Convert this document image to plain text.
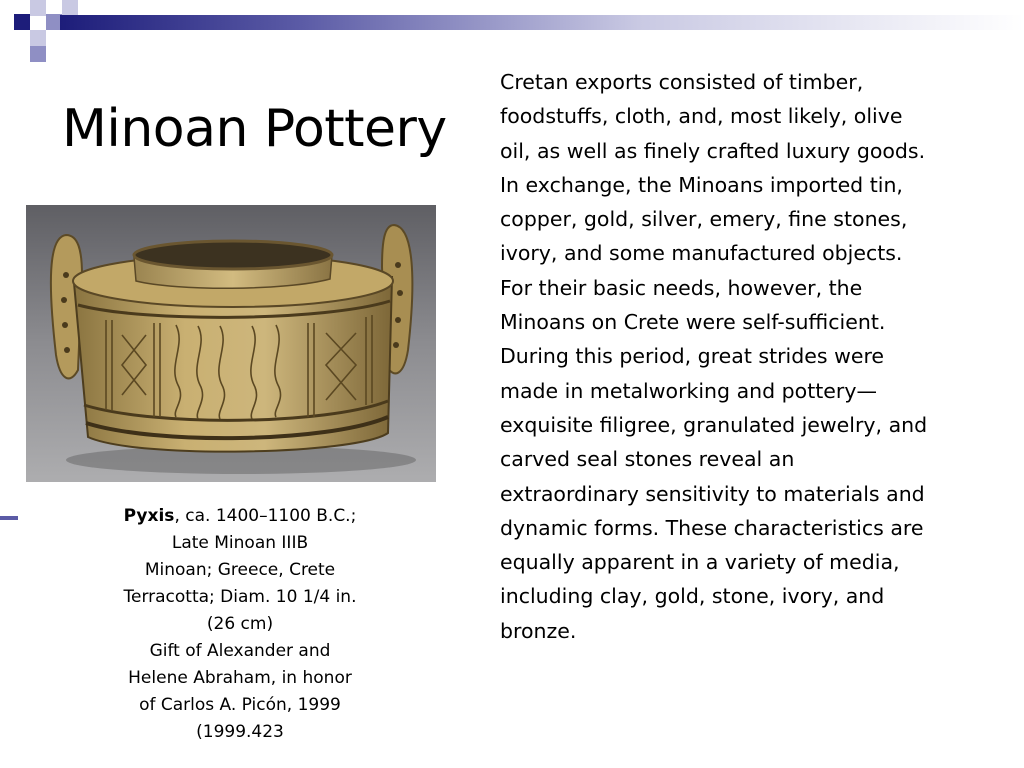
Minoan Pottery
Pyxis, ca. 1400–1100 B.C.;
Late Minoan IIIB
Minoan; Greece, Crete
Terracotta; Diam. 10 1/4 in.
(26 cm)
Gift of Alexander and
Helene Abraham, in honor
of Carlos A. Picón, 1999
(1999.423
Cretan exports consisted of timber,
foodstuffs, cloth, and, most likely, olive
oil, as well as finely crafted luxury goods.
In exchange, the Minoans imported tin,
copper, gold, silver, emery, fine stones,
ivory, and some manufactured objects.
For their basic needs, however, the
Minoans on Crete were self-sufficient.
During this period, great strides were
made in metalworking and pottery—
exquisite filigree, granulated jewelry, and
carved seal stones reveal an
extraordinary sensitivity to materials and
dynamic forms. These characteristics are
equally apparent in a variety of media,
including clay, gold, stone, ivory, and
bronze.
